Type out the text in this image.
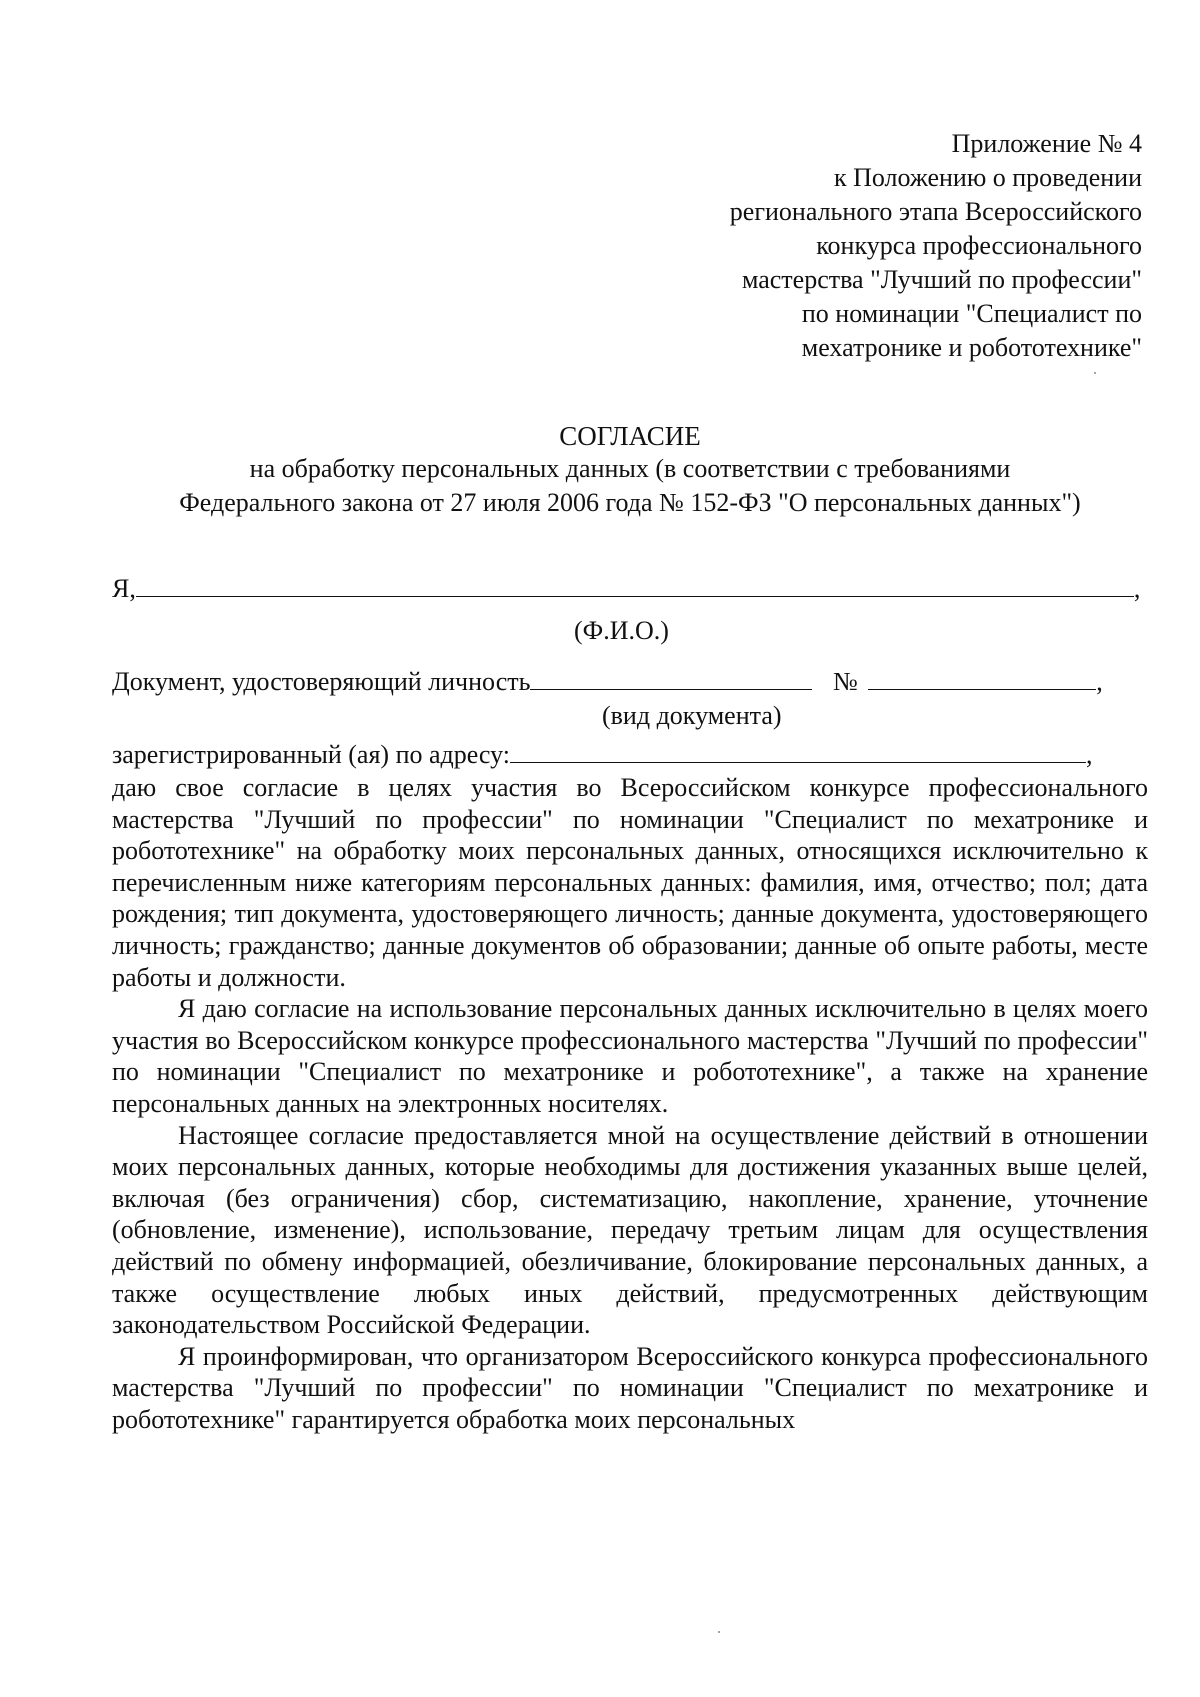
Приложение № 4
к Положению о проведении
регионального этапа Всероссийского
конкурса профессионального
мастерства "Лучший по профессии"
по номинации "Специалист по
мехатронике и робототехнике"
СОГЛАСИЕ
на обработку персональных данных (в соответствии с требованиями
Федерального закона от 27 июля 2006 года № 152-ФЗ "О персональных данных")
Я,	,
(Ф.И.О.)
Документ, удостоверяющий личность	№	,
(вид документа)
зарегистрированный (ая) по адресу:	,

даю свое согласие в целях участия во Всероссийском конкурсе профессионального мастерства "Лучший по профессии" по номинации "Специалист по мехатронике и робототехнике" на обработку моих персональных данных, относящихся исключительно к перечисленным ниже категориям персональных данных: фамилия, имя, отчество; пол; дата рождения; тип документа, удостоверяющего личность; данные документа, удостоверяющего личность; гражданство; данные документов об образовании; данные об опыте работы, месте работы и должности.

Я даю согласие на использование персональных данных исключительно в целях моего участия во Всероссийском конкурсе профессионального мастерства "Лучший по профессии" по номинации "Специалист по мехатронике и робототехнике", а также на хранение персональных данных на электронных носителях.

Настоящее согласие предоставляется мной на осуществление действий в отношении моих персональных данных, которые необходимы для достижения указанных выше целей, включая (без ограничения) сбор, систематизацию, накопление, хранение, уточнение (обновление, изменение), использование, передачу третьим лицам для осуществления действий по обмену информацией, обезличивание, блокирование персональных данных, а также осуществление любых иных действий, предусмотренных действующим законодательством Российской Федерации.

Я проинформирован, что организатором Всероссийского конкурса профессионального мастерства "Лучший по профессии" по номинации "Специалист по мехатронике и робототехнике" гарантируется обработка моих персональных
